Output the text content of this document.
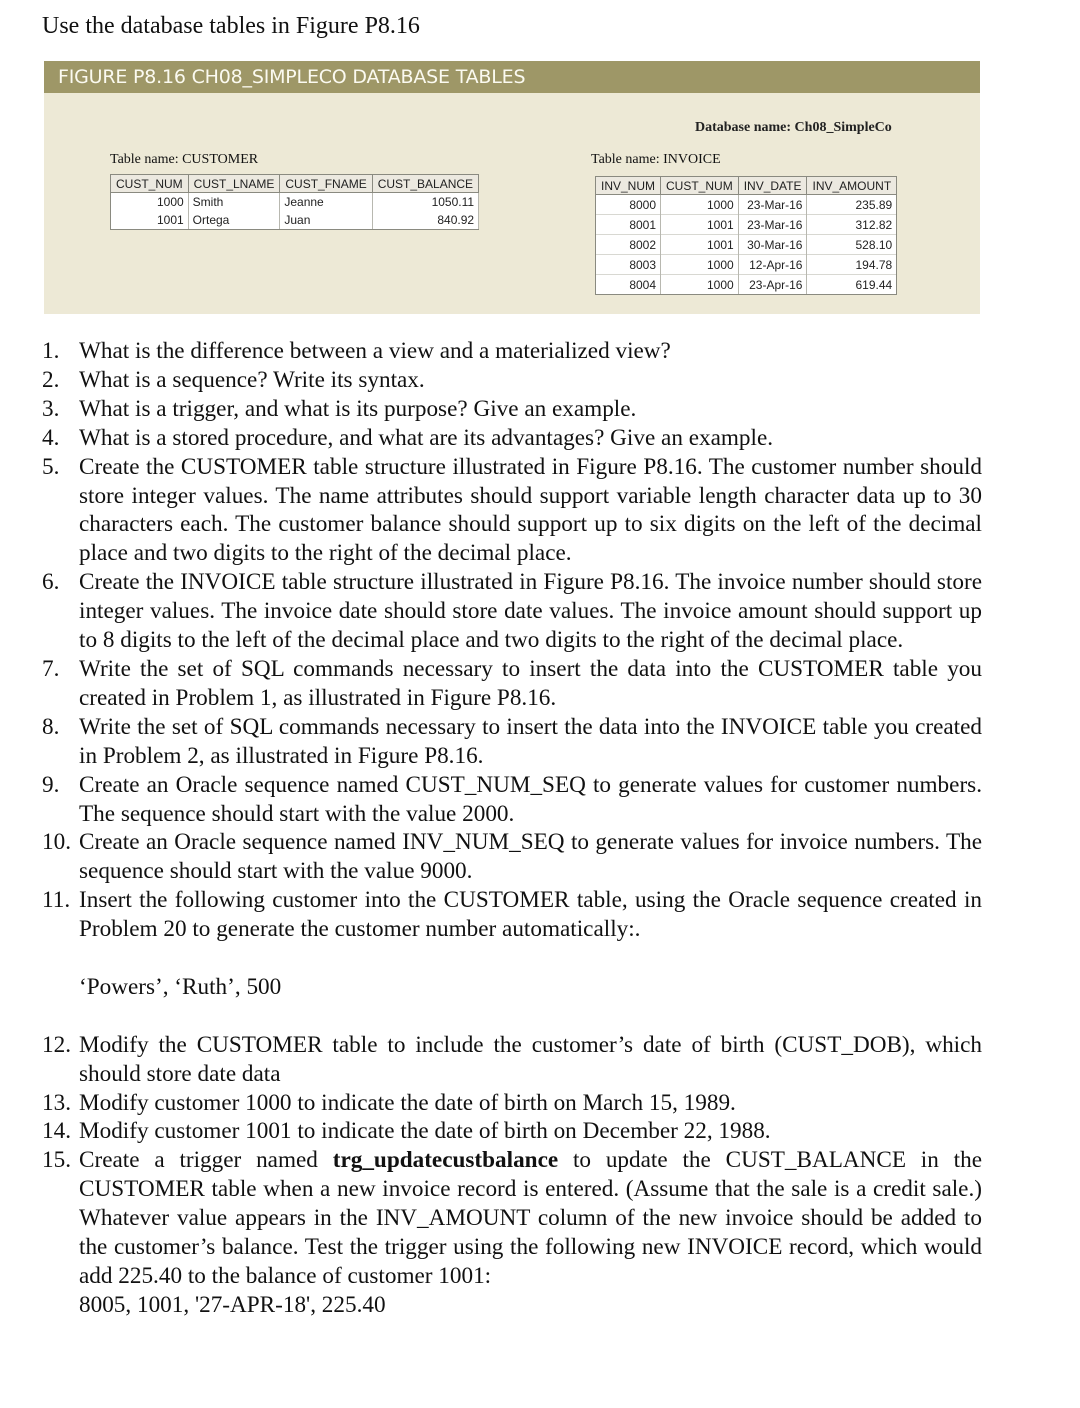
Use the database tables in Figure P8.16
FIGURE P8.16 CH08_SIMPLECO DATABASE TABLES
Database name: Ch08_SimpleCo
Table name: CUSTOMER
CUST_NUM	CUST_LNAME	CUST_FNAME	CUST_BALANCE
1000	Smith	Jeanne	1050.11
1001	Ortega	Juan	840.92
Table name: INVOICE
INV_NUM	CUST_NUM	INV_DATE	INV_AMOUNT
8000	1000	23-Mar-16	235.89
8001	1001	23-Mar-16	312.82
8002	1001	30-Mar-16	528.10
8003	1000	12-Apr-16	194.78
8004	1000	23-Apr-16	619.44
1. What is the difference between a view and a materialized view?
2. What is a sequence? Write its syntax.
3. What is a trigger, and what is its purpose? Give an example.
4. What is a stored procedure, and what are its advantages? Give an example.
5. Create the CUSTOMER table structure illustrated in Figure P8.16. The customer number should store integer values. The name attributes should support variable length character data up to 30 characters each. The customer balance should support up to six digits on the left of the decimal place and two digits to the right of the decimal place.
6. Create the INVOICE table structure illustrated in Figure P8.16. The invoice number should store integer values. The invoice date should store date values. The invoice amount should support up to 8 digits to the left of the decimal place and two digits to the right of the decimal place.
7. Write the set of SQL commands necessary to insert the data into the CUSTOMER table you created in Problem 1, as illustrated in Figure P8.16.
8. Write the set of SQL commands necessary to insert the data into the INVOICE table you created in Problem 2, as illustrated in Figure P8.16.
9. Create an Oracle sequence named CUST_NUM_SEQ to generate values for customer numbers. The sequence should start with the value 2000.
10. Create an Oracle sequence named INV_NUM_SEQ to generate values for invoice numbers. The sequence should start with the value 9000.
11. Insert the following customer into the CUSTOMER table, using the Oracle sequence created in Problem 20 to generate the customer number automatically:.
‘Powers’, ‘Ruth’, 500
12. Modify the CUSTOMER table to include the customer’s date of birth (CUST_DOB), which should store date data
13. Modify customer 1000 to indicate the date of birth on March 15, 1989.
14. Modify customer 1001 to indicate the date of birth on December 22, 1988.
15. Create a trigger named trg_updatecustbalance to update the CUST_BALANCE in the CUSTOMER table when a new invoice record is entered. (Assume that the sale is a credit sale.) Whatever value appears in the INV_AMOUNT column of the new invoice should be added to the customer’s balance. Test the trigger using the following new INVOICE record, which would add 225.40 to the balance of customer 1001:
8005, 1001, '27-APR-18', 225.40
